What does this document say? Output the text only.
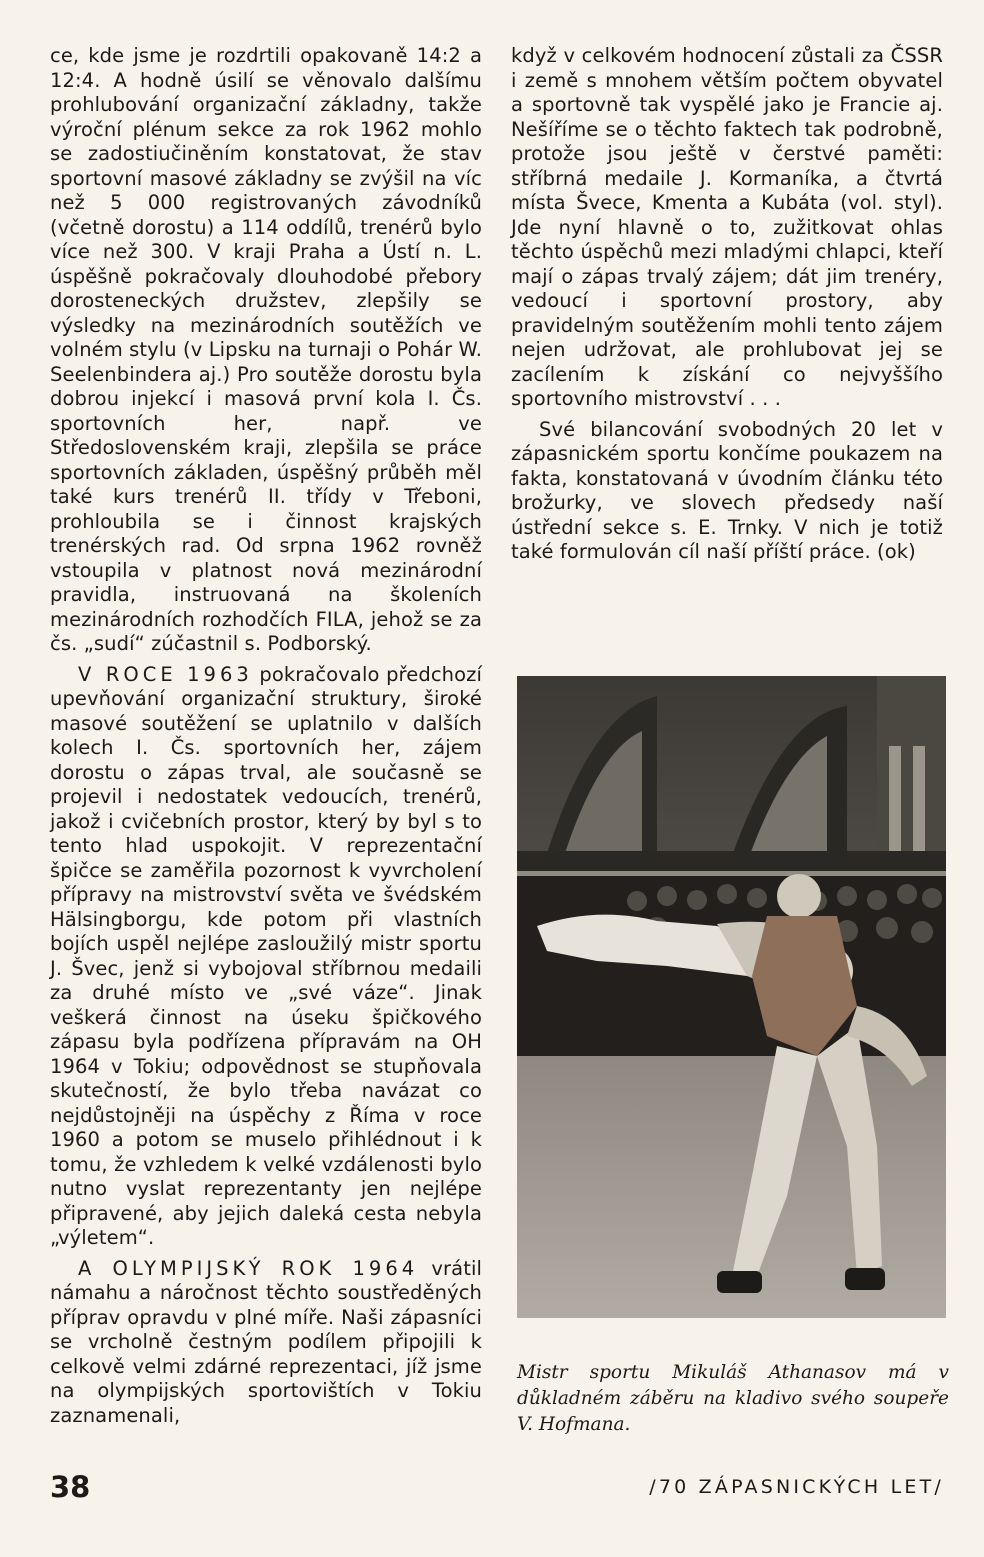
ce, kde jsme je rozdrtili opakovaně 14:2 a 12:4. A hodně úsilí se věnovalo dalšímu prohlubování organizační základny, takže výroční plénum sekce za rok 1962 mohlo se zadostiučiněním konstatovat, že stav sportovní masové základny se zvýšil na víc než 5 000 registrovaných závodníků (včetně dorostu) a 114 oddílů, trenérů bylo více než 300. V kraji Praha a Ústí n. L. úspěšně pokračovaly dlouhodobé přebory dorosteneckých družstev, zlepšily se výsledky na mezinárodních soutěžích ve volném stylu (v Lipsku na turnaji o Pohár W. Seelenbindera aj.) Pro soutěže dorostu byla dobrou injekcí i masová první kola I. Čs. sportovních her, např. ve Středoslovenském kraji, zlepšila se práce sportovních základen, úspěšný průběh měl také kurs trenérů II. třídy v Třeboni, prohloubila se i činnost krajských trenérských rad. Od srpna 1962 rovněž vstoupila v platnost nová mezinárodní pravidla, instruovaná na školeních mezinárodních rozhodčích FILA, jehož se za čs. „sudí“ zúčastnil s. Podborský.

V ROCE 1963 pokračovalo předchozí upevňování organizační struktury, široké masové soutěžení se uplatnilo v dalších kolech I. Čs. sportovních her, zájem dorostu o zápas trval, ale současně se projevil i nedostatek vedoucích, trenérů, jakož i cvičebních prostor, který by byl s to tento hlad uspokojit. V reprezentační špičce se zaměřila pozornost k vyvrcholení přípravy na mistrovství světa ve švédském Hälsingborgu, kde potom při vlastních bojích uspěl nejlépe zasloužilý mistr sportu J. Švec, jenž si vybojoval stříbrnou medaili za druhé místo ve „své váze“. Jinak veškerá činnost na úseku špičkového zápasu byla podřízena přípravám na OH 1964 v Tokiu; odpovědnost se stupňovala skutečností, že bylo třeba navázat co nejdůstojněji na úspěchy z Říma v roce 1960 a potom se muselo přihlédnout i k tomu, že vzhledem k velké vzdálenosti bylo nutno vyslat reprezentanty jen nejlépe připravené, aby jejich daleká cesta nebyla „výletem“.

A OLYMPIJSKÝ ROK 1964 vrátil námahu a náročnost těchto soustředěných příprav opravdu v plné míře. Naši zápasníci se vrcholně čestným podílem připojili k celkově velmi zdárné reprezentaci, jíž jsme na olympijských sportovištích v Tokiu zaznamenali,

když v celkovém hodnocení zůstali za ČSSR i země s mnohem větším počtem obyvatel a sportovně tak vyspělé jako je Francie aj. Nešíříme se o těchto faktech tak podrobně, protože jsou ještě v čerstvé paměti: stříbrná medaile J. Kormaníka, a čtvrtá místa Švece, Kmenta a Kubáta (vol. styl). Jde nyní hlavně o to, zužitkovat ohlas těchto úspěchů mezi mladými chlapci, kteří mají o zápas trvalý zájem; dát jim trenéry, vedoucí i sportovní prostory, aby pravidelným soutěžením mohli tento zájem nejen udržovat, ale prohlubovat jej se zacílením k získání co nejvyššího sportovního mistrovství . . .

Své bilancování svobodných 20 let v zápasnickém sportu končíme poukazem na fakta, konstatovaná v úvodním článku této brožurky, ve slovech předsedy naší ústřední sekce s. E. Trnky. V nich je totiž také formulován cíl naší příští práce. (ok)

Mistr sportu Mikuláš Athanasov má v důkladném záběru na kladivo svého soupeře V. Hofmana.
38	/70 ZÁPASNICKÝCH LET/
